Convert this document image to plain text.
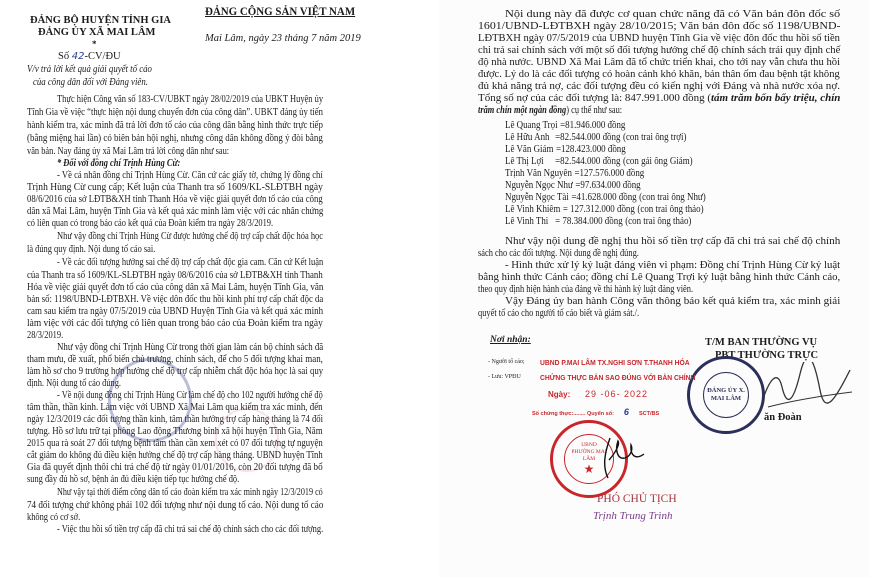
ĐẢNG BỘ HUYỆN TỈNH GIA
ĐẢNG ỦY XÃ MAI LÂM
*
Số 42-CV/ĐU
V/v trả lời kết quả giải quyết tố cáo
của công dân đối với Đảng viên.
ĐẢNG CỘNG SẢN VIỆT NAM
Mai Lâm, ngày 23 tháng 7 năm 2019
Thực hiện Công văn số 183-CV/UBKT ngày 28/02/2019 của UBKT Huyện ủy
Tĩnh Gia về việc “thực hiện nội dung chuyển đơn của công dân”. UBKT đảng ủy tiến
hành kiểm tra, xác minh đã trả lời đơn tố cáo của công dân bằng hình thức trực tiếp
(bằng miệng hai lần) có biên bản hội nghị, nhưng công dân không đồng ý đòi bằng
văn bản. Nay đảng ủy xã Mai Lâm trả lời công dân như sau:
* Đối với đồng chí Trịnh Hùng Cừ:
- Về cá nhân đồng chí Trịnh Hùng Cừ. Căn cứ các giấy tờ, chứng lý đồng chí
Trịnh Hùng Cừ cung cấp; Kết luận của Thanh tra số 1609/KL-SLĐTBH ngày
08/6/2016 của sở LĐTB&XH tỉnh Thanh Hóa về việc giải quyết đơn tố cáo của công
dân xã Mai Lâm, huyện Tĩnh Gia và kết quả xác minh làm việc với các nhân chứng
có liên quan có trong báo cáo kết quả của Đoàn kiểm tra ngày 28/3/2019.
Như vậy đồng chí Trịnh Hùng Cừ được hưởng chế độ trợ cấp chất độc hóa học
là đúng quy định. Nội dung tố cáo sai.
- Về các đối tượng hưởng sai chế độ trợ cấp chất độc gia cam. Căn cứ Kết luận
của Thanh tra số 1609/KL-SLĐTBH ngày 08/6/2016 của sở LĐTB&XH tỉnh Thanh
Hóa về việc giải quyết đơn tố cáo của công dân xã Mai Lâm, huyện Tĩnh Gia, văn
bản số: 1198/UBND-LĐTBXH. Về việc dôn đốc thu hồi kinh phí trợ cấp chất độc da
cam sau kiểm tra ngày 07/5/2019 của UBND Huyện Tĩnh Gia và kết quả xác minh
làm việc với các đối tượng có liên quan trong báo cáo của Đoàn kiểm tra ngày
28/3/2019.
Như vậy đồng chí Trịnh Hùng Cừ trong thời gian làm cán bộ chính sách đã
tham mưu, đề xuất, phổ biến chủ trương, chính sách, để cho 5 đối tượng khai man,
làm hồ sơ cho 9 trường hợp hưởng chế độ trợ cấp nhiễm chất độc hóa học là sai quy
định. Nội dung tố cáo đúng.
- Về nội dung đồng chí Trịnh Hùng Cừ làm chế độ cho 102 người hưởng chế độ
tâm thần, thần kinh. Làm việc với UBND Xã Mai Lâm qua kiểm tra xác minh, đến
ngày 12/3/2019 các đối tượng thần kinh, tâm thần hưởng trợ cấp hàng tháng là 74 đối
tượng. Hồ sơ lưu trữ tại phòng Lao động Thương binh xã hội huyện Tĩnh Gia, Năm
2015 qua rà soát 27 đối tượng bệnh tâm thần cần xem xét có 07 đối tượng tự nguyện
cắt giảm do không đủ điều kiện hưởng chế độ trợ cấp hàng tháng. UBND huyện Tĩnh
Gia đã quyết định thôi chi trả chế độ từ ngày 01/01/2016, còn 20 đối tượng đã bổ
sung đầy đủ hồ sơ, bệnh án đủ điều kiện tiếp tục hưởng chế độ.
Như vậy tại thời điểm công dân tố cáo đoàn kiểm tra xác minh ngày 12/3/2019 có
74 đối tượng chứ không phải 102 đối tượng như nội dung tố cáo. Nội dung tố cáo
không có cơ sở.
- Việc thu hồi số tiền trợ cấp đã chi trả sai chế độ chính sách cho các đối tượng.
Nội dung này đã được cơ quan chức năng đã có Văn bản đôn đốc số
1601/UBND-LĐTBXH ngày 28/10/2015; Văn bản đôn đốc số 1198/UBND-
LĐTBXH ngày 07/5/2019 của UBND huyện Tĩnh Gia về việc đôn đốc thu hồi số tiền
chi trả sai chính sách với một số đối tượng hưởng chế độ chính sách trái quy định chế
độ nhà nước. UBND Xã Mai Lâm đã tổ chức triển khai, cho tới nay vẫn chưa thu hồi
được. Lý do là các đối tượng có hoàn cảnh khó khăn, bản thân ốm đau bệnh tật không
đủ khả năng trả nợ, các đối tượng đều có kiến nghị với Đảng và nhà nước xóa nợ.
Tổng số nợ của các đối tượng là: 847.991.000 đồng (tám trăm bốn bẩy triệu, chín
trăm chín một ngàn đồng) cụ thể như sau:
Như vậy nội dung đề nghị thu hồi số tiền trợ cấp đã chi trả sai chế độ chính
sách cho các đối tượng. Nội dung đề nghị đúng.
- Hình thức xử lý kỷ luật đảng viên vi phạm: Đồng chí Trịnh Hùng Cừ kỷ luật
bằng hình thức Cảnh cáo; đồng chí Lê Quang Trợi kỷ luật bằng hình thức Cảnh cáo,
theo quy định hiện hành của đảng về thi hành kỷ luật đảng viên.
Vậy Đảng ủy ban hành Công văn thông báo kết quả kiểm tra, xác minh giải
quyết tố cáo cho người tố cáo biết và giám sát./.
Lê Quang Trọi =81.946.000 đồng
Lê Hữu Anh =82.544.000 đồng (con trai ông trợi)
Lê Văn Giám =128.423.000 đồng
Lê Thị Lợi =82.544.000 đồng (con gái ông Giám)
Trịnh Văn Nguyên =127.576.000 đồng
Nguyễn Ngọc Như =97.634.000 đồng
Nguyễn Ngọc Tài =41.628.000 đồng (con trai ông Như)
Lê Vinh Khiêm = 127.312.000 đồng (con trai ông thảo)
Lê Vinh Thi = 78.384.000 đồng (con trai ông thảo)
Nơi nhận:
- Người tố cáo;
- Lưu: VPĐU
T/M BAN THƯỜNG VỤ
PBT THƯỜNG TRỰC
ĐẢNG ỦY X. MAI LÂM
ăn Đoàn
UBND P.MAI LÂM TX.NGHI SƠN T.THANH HÓA
CHỨNG THỰC BẢN SAO ĐÚNG VỚI BẢN CHÍNH
Ngày: 29 -06- 2022
Số chứng thực:........ Quyển số: 6 SCT/BS
UBND PHƯỜNG MAI LÂM
★
PHÓ CHỦ TỊCH
Trịnh Trung Trình
